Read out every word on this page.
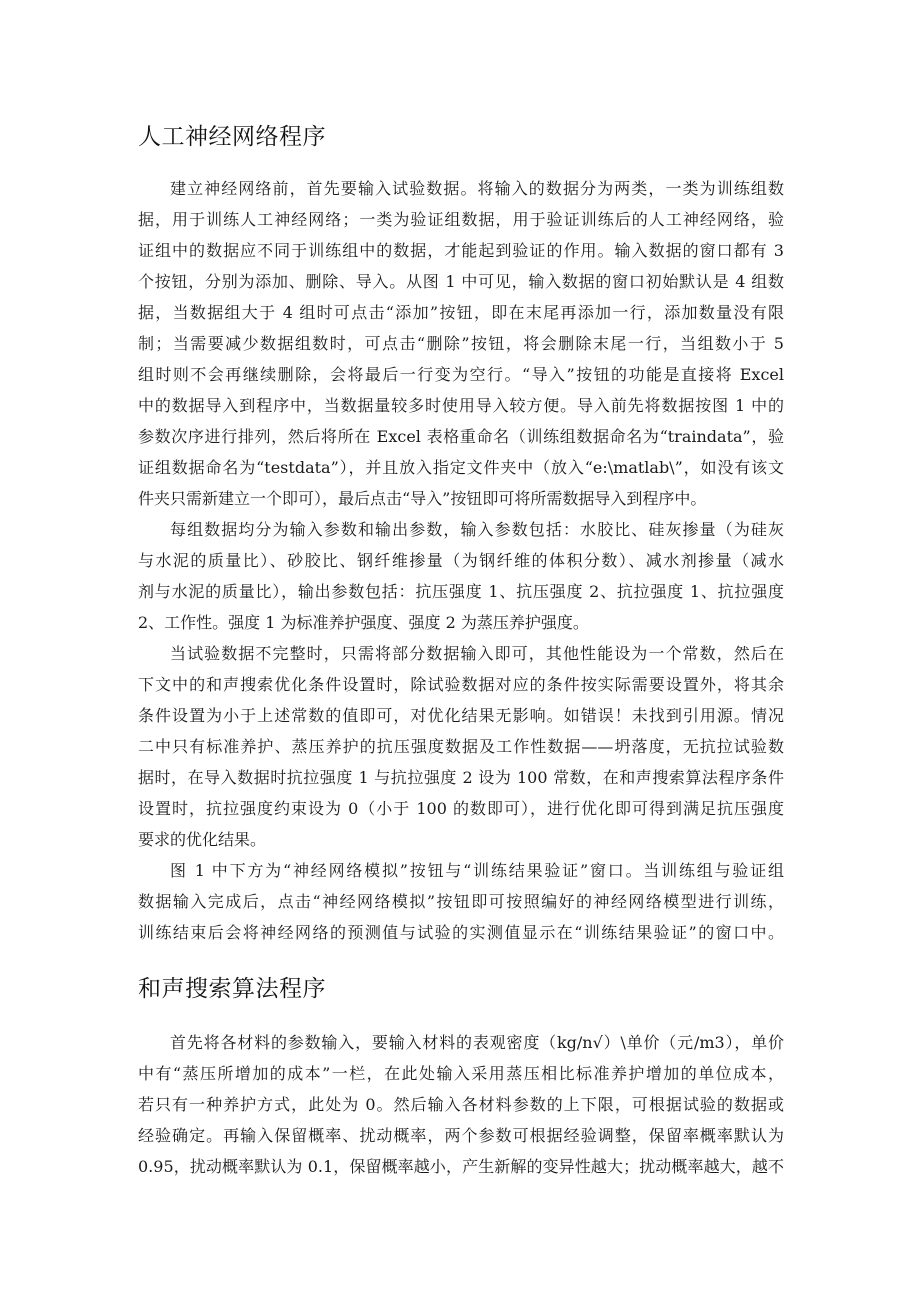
人工神经网络程序

建立神经网络前，首先要输入试验数据。将输入的数据分为两类，一类为训练组数

据，用于训练人工神经网络；一类为验证组数据，用于验证训练后的人工神经网络，验

证组中的数据应不同于训练组中的数据，才能起到验证的作用。输入数据的窗口都有 3

个按钮，分别为添加、删除、导入。从图 1 中可见，输入数据的窗口初始默认是 4 组数

据，当数据组大于 4 组时可点击“添加”按钮，即在末尾再添加一行，添加数量没有限

制；当需要减少数据组数时，可点击“删除”按钮，将会删除末尾一行，当组数小于 5

组时则不会再继续删除，会将最后一行变为空行。“导入”按钮的功能是直接将 Excel

中的数据导入到程序中，当数据量较多时使用导入较方便。导入前先将数据按图 1 中的

参数次序进行排列，然后将所在 Excel 表格重命名（训练组数据命名为“traindata”，验

证组数据命名为“testdata”），并且放入指定文件夹中（放入“e:\matlab\”，如没有该文

件夹只需新建立一个即可），最后点击“导入”按钮即可将所需数据导入到程序中。

每组数据均分为输入参数和输出参数，输入参数包括：水胶比、硅灰掺量（为硅灰

与水泥的质量比）、砂胶比、钢纤维掺量（为钢纤维的体积分数）、减水剂掺量（减水

剂与水泥的质量比），输出参数包括：抗压强度 1、抗压强度 2、抗拉强度 1、抗拉强度

2、工作性。强度 1 为标准养护强度、强度 2 为蒸压养护强度。

当试验数据不完整时，只需将部分数据输入即可，其他性能设为一个常数，然后在

下文中的和声搜索优化条件设置时，除试验数据对应的条件按实际需要设置外，将其余

条件设置为小于上述常数的值即可，对优化结果无影响。如错误！未找到引用源。情况

二中只有标准养护、蒸压养护的抗压强度数据及工作性数据——坍落度，无抗拉试验数

据时，在导入数据时抗拉强度 1 与抗拉强度 2 设为 100 常数，在和声搜索算法程序条件

设置时，抗拉强度约束设为 0（小于 100 的数即可），进行优化即可得到满足抗压强度

要求的优化结果。

图 1 中下方为“神经网络模拟”按钮与“训练结果验证”窗口。当训练组与验证组

数据输入完成后，点击“神经网络模拟”按钮即可按照编好的神经网络模型进行训练，

训练结束后会将神经网络的预测值与试验的实测值显示在“训练结果验证”的窗口中。

和声搜索算法程序

首先将各材料的参数输入，要输入材料的表观密度（kg/n√）\单价（元/m3），单价

中有“蒸压所增加的成本”一栏，在此处输入采用蒸压相比标准养护增加的单位成本，

若只有一种养护方式，此处为 0。然后输入各材料参数的上下限，可根据试验的数据或

经验确定。再输入保留概率、扰动概率，两个参数可根据经验调整，保留率概率默认为

0.95，扰动概率默认为 0.1，保留概率越小，产生新解的变异性越大；扰动概率越大，越不
